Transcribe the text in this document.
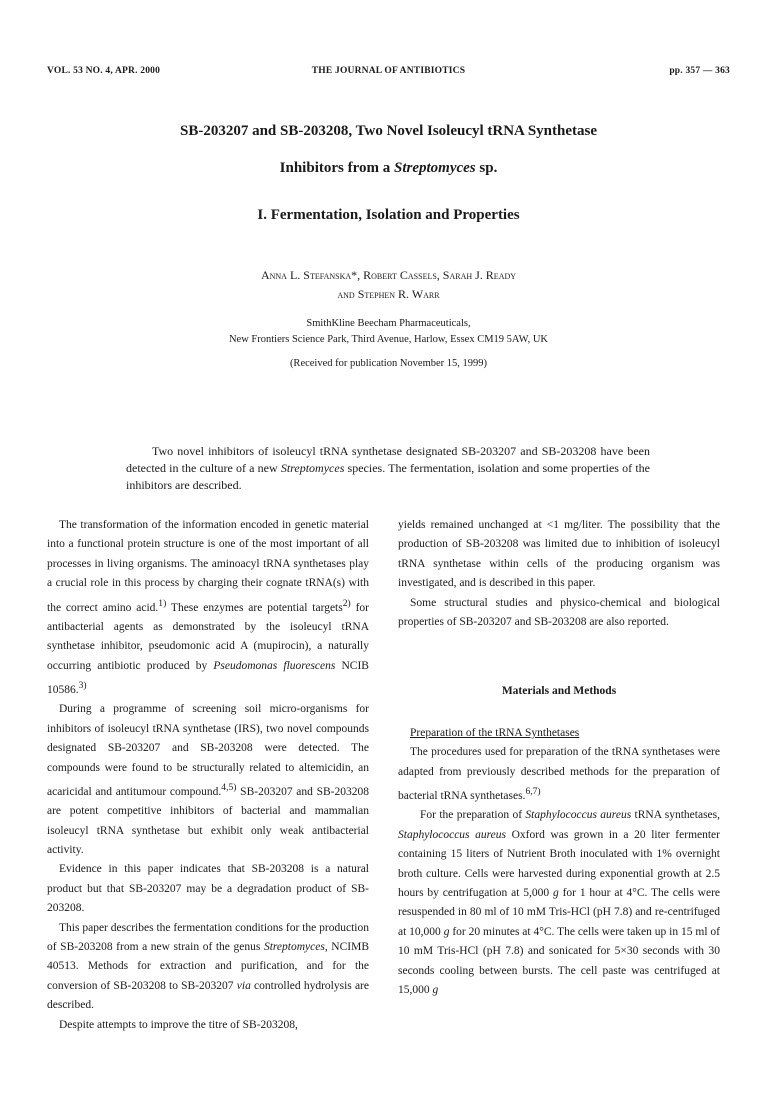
VOL. 53 NO. 4, APR. 2000	THE JOURNAL OF ANTIBIOTICS	pp. 357 — 363
SB-203207 and SB-203208, Two Novel Isoleucyl tRNA Synthetase
Inhibitors from a Streptomyces sp.
I. Fermentation, Isolation and Properties
Anna L. Stefanska*, Robert Cassels, Sarah J. Ready
and Stephen R. Warr
SmithKline Beecham Pharmaceuticals,
New Frontiers Science Park, Third Avenue, Harlow, Essex CM19 5AW, UK
(Received for publication November 15, 1999)

Two novel inhibitors of isoleucyl tRNA synthetase designated SB-203207 and SB-203208 have been detected in the culture of a new Streptomyces species. The fermentation, isolation and some properties of the inhibitors are described.

The transformation of the information encoded in genetic material into a functional protein structure is one of the most important of all processes in living organisms. The aminoacyl tRNA synthetases play a crucial role in this process by charging their cognate tRNA(s) with the correct amino acid.$^{1)}$ These enzymes are potential targets$^{2)}$ for antibacterial agents as demonstrated by the isoleucyl tRNA synthetase inhibitor, pseudomonic acid A (mupirocin), a naturally occurring antibiotic produced by Pseudomonas fluorescens NCIB 10586.$^{3)}$

During a programme of screening soil micro-organisms for inhibitors of isoleucyl tRNA synthetase (IRS), two novel compounds designated SB-203207 and SB-203208 were detected. The compounds were found to be structurally related to altemicidin, an acaricidal and antitumour compound.$^{4,5)}$ SB-203207 and SB-203208 are potent competitive inhibitors of bacterial and mammalian isoleucyl tRNA synthetase but exhibit only weak antibacterial activity.

Evidence in this paper indicates that SB-203208 is a natural product but that SB-203207 may be a degradation product of SB-203208.

This paper describes the fermentation conditions for the production of SB-203208 from a new strain of the genus Streptomyces, NCIMB 40513. Methods for extraction and purification, and for the conversion of SB-203208 to SB-203207 via controlled hydrolysis are described.

Despite attempts to improve the titre of SB-203208,

yields remained unchanged at <1 mg/liter. The possibility that the production of SB-203208 was limited due to inhibition of isoleucyl tRNA synthetase within cells of the producing organism was investigated, and is described in this paper.

Some structural studies and physico-chemical and biological properties of SB-203207 and SB-203208 are also reported.

Materials and Methods

Preparation of the tRNA Synthetases

The procedures used for preparation of the tRNA synthetases were adapted from previously described methods for the preparation of bacterial tRNA synthetases.$^{6,7)}$

For the preparation of Staphylococcus aureus tRNA synthetases, Staphylococcus aureus Oxford was grown in a 20 liter fermenter containing 15 liters of Nutrient Broth inoculated with 1% overnight broth culture. Cells were harvested during exponential growth at 2.5 hours by centrifugation at 5,000 g for 1 hour at 4°C. The cells were resuspended in 80 ml of 10 mM Tris-HCl (pH 7.8) and re-centrifuged at 10,000 g for 20 minutes at 4°C. The cells were taken up in 15 ml of 10 mM Tris-HCl (pH 7.8) and sonicated for 5×30 seconds with 30 seconds cooling between bursts. The cell paste was centrifuged at 15,000 g
